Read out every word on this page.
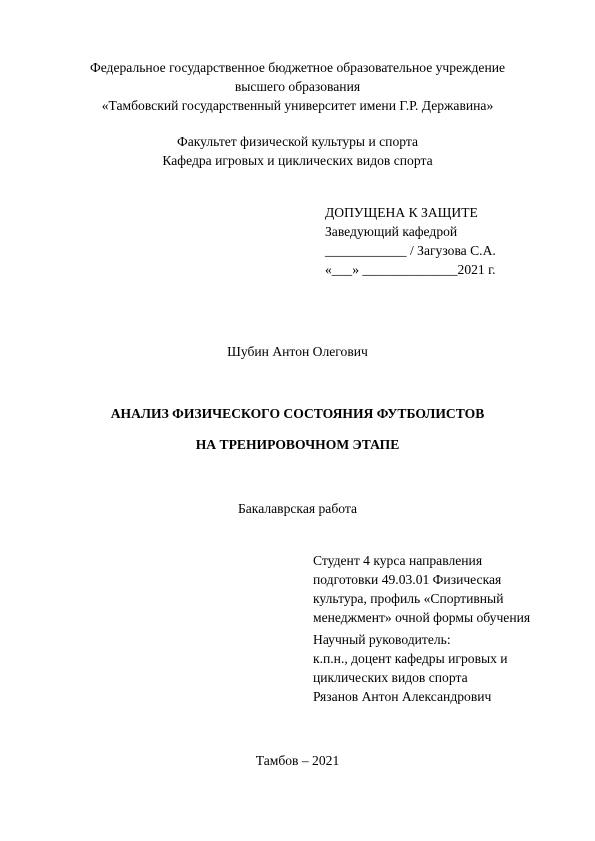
Федеральное государственное бюджетное образовательное учреждение
высшего образования
«Тамбовский государственный университет имени Г.Р. Державина»
Факультет физической культуры и спорта
Кафедра игровых и циклических видов спорта
ДОПУЩЕНА К ЗАЩИТЕ
Заведующий кафедрой
____________ / Загузова С.А.
«___» ______________2021 г.
Шубин Антон Олегович
АНАЛИЗ ФИЗИЧЕСКОГО СОСТОЯНИЯ ФУТБОЛИСТОВ
НА ТРЕНИРОВОЧНОМ ЭТАПЕ
Бакалаврская работа
Студент 4 курса направления
подготовки 49.03.01 Физическая
культура, профиль «Спортивный
менеджмент» очной формы обучения
Научный руководитель:
к.п.н., доцент кафедры игровых и
циклических видов спорта
Рязанов Антон Александрович
Тамбов – 2021
